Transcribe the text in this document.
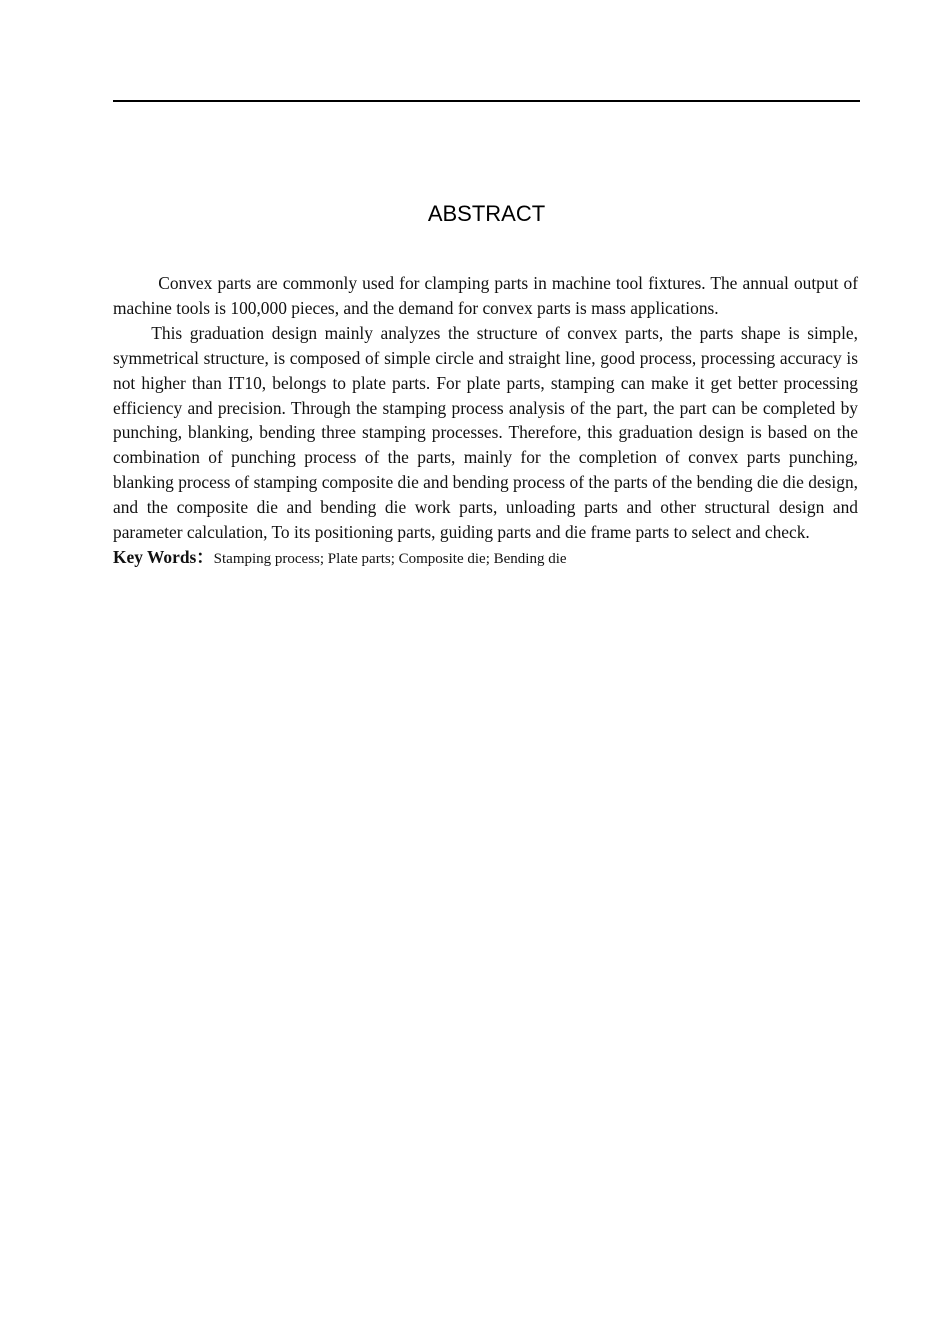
ABSTRACT

Convex parts are commonly used for clamping parts in machine tool fixtures. The annual output of machine tools is 100,000 pieces, and the demand for convex parts is mass applications.

This graduation design mainly analyzes the structure of convex parts, the parts shape is simple, symmetrical structure, is composed of simple circle and straight line, good process, processing accuracy is not higher than IT10, belongs to plate parts. For plate parts, stamping can make it get better processing efficiency and precision. Through the stamping process analysis of the part, the part can be completed by punching, blanking, bending three stamping processes. Therefore, this graduation design is based on the combination of punching process of the parts, mainly for the completion of convex parts punching, blanking process of stamping composite die and bending process of the parts of the bending die die design, and the composite die and bending die work parts, unloading parts and other structural design and parameter calculation, To its positioning parts, guiding parts and die frame parts to select and check.

Key Words：Stamping process; Plate parts; Composite die; Bending die
